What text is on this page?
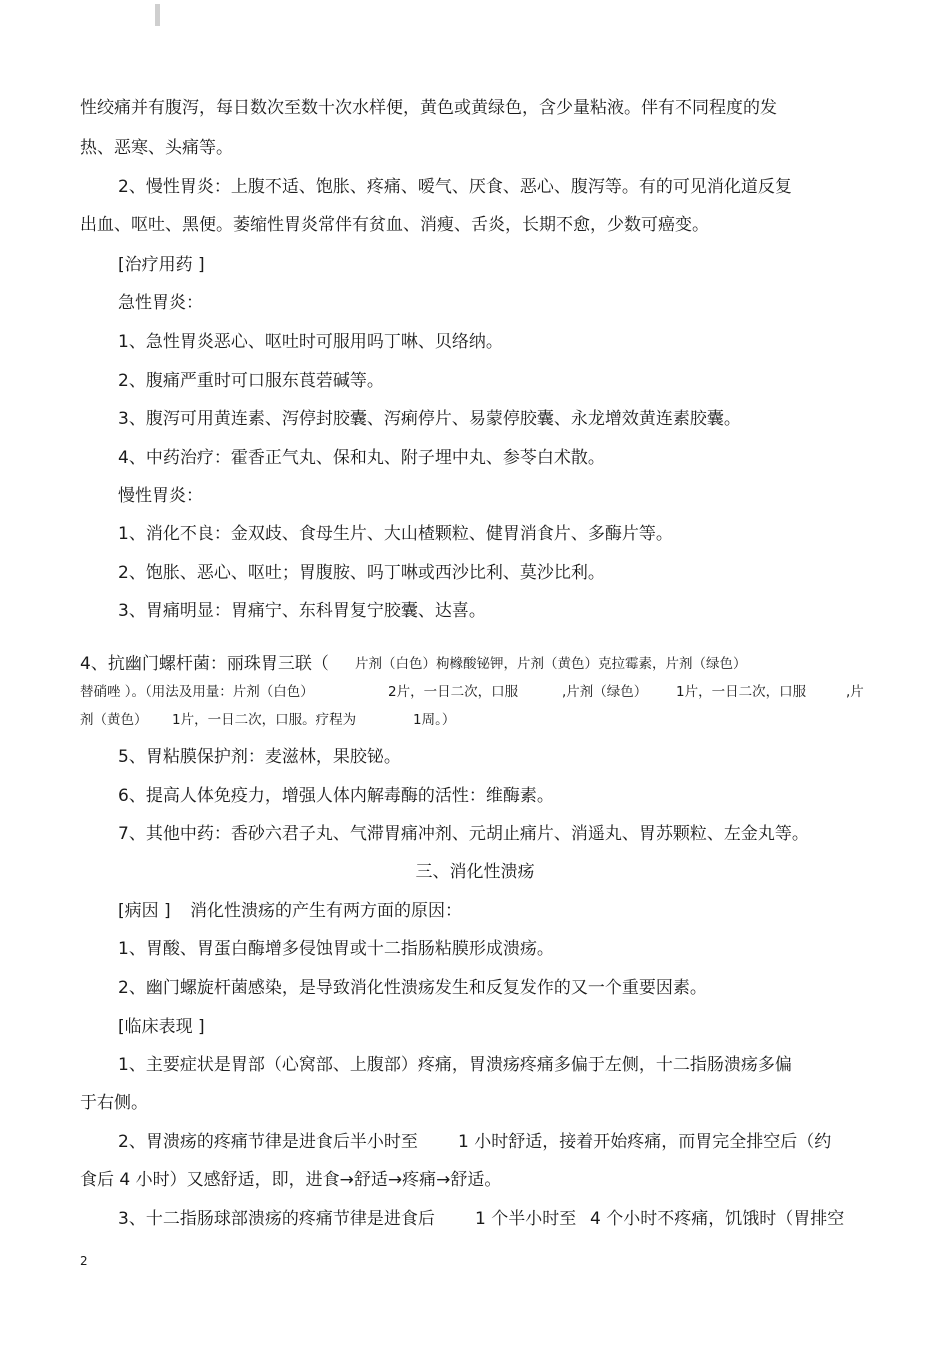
性绞痛并有腹泻，每日数次至数十次水样便，黄色或黄绿色，含少量粘液。伴有不同程度的发
热、恶寒、头痛等。
2、慢性胃炎：上腹不适、饱胀、疼痛、嗳气、厌食、恶心、腹泻等。有的可见消化道反复
出血、呕吐、黑便。萎缩性胃炎常伴有贫血、消瘦、舌炎，长期不愈，少数可癌变。
[治疗用药 ]
急性胃炎：
1、急性胃炎恶心、呕吐时可服用吗丁啉、贝络纳。
2、腹痛严重时可口服东莨菪碱等。
3、腹泻可用黄连素、泻停封胶囊、泻痢停片、易蒙停胶囊、永龙增效黄连素胶囊。
4、中药治疗：霍香正气丸、保和丸、附子埋中丸、参苓白术散。
慢性胃炎：
1、消化不良：金双歧、食母生片、大山楂颗粒、健胃消食片、多酶片等。
2、饱胀、恶心、呕吐；胃腹胺、吗丁啉或西沙比利、莫沙比利。
3、胃痛明显：胃痛宁、东科胃复宁胶囊、达喜。
4、抗幽门螺杆菌：丽珠胃三联（ 片剂（白色）枸橼酸铋钾，片剂（黄色）克拉霉素，片剂（绿色）
替硝唑 ）。（用法及用量：片剂（白色）	2片，一日二次，口服	,片剂（绿色） 1片，一日二次，口服	,片
剂（黄色） 1片，一日二次，口服。疗程为	1周。）
5、胃粘膜保护剂：麦滋林，果胶铋。
6、提高人体免疫力，增强人体内解毒酶的活性：维酶素。
7、其他中药：香砂六君子丸、气滞胃痛冲剂、元胡止痛片、消遥丸、胃苏颗粒、左金丸等。
三、消化性溃疡
[病因 ] 消化性溃疡的产生有两方面的原因：
1、胃酸、胃蛋白酶增多侵蚀胃或十二指肠粘膜形成溃疡。
2、幽门螺旋杆菌感染，是导致消化性溃疡发生和反复发作的又一个重要因素。
[临床表现 ]
1、主要症状是胃部（心窝部、上腹部）疼痛，胃溃疡疼痛多偏于左侧，十二指肠溃疡多偏
于右侧。
2、胃溃疡的疼痛节律是进食后半小时至 1 小时舒适，接着开始疼痛，而胃完全排空后（约
食后 4 小时）又感舒适，即，进食→舒适→疼痛→舒适。
3、十二指肠球部溃疡的疼痛节律是进食后 1 个半小时至 4 个小时不疼痛，饥饿时（胃排空
2
